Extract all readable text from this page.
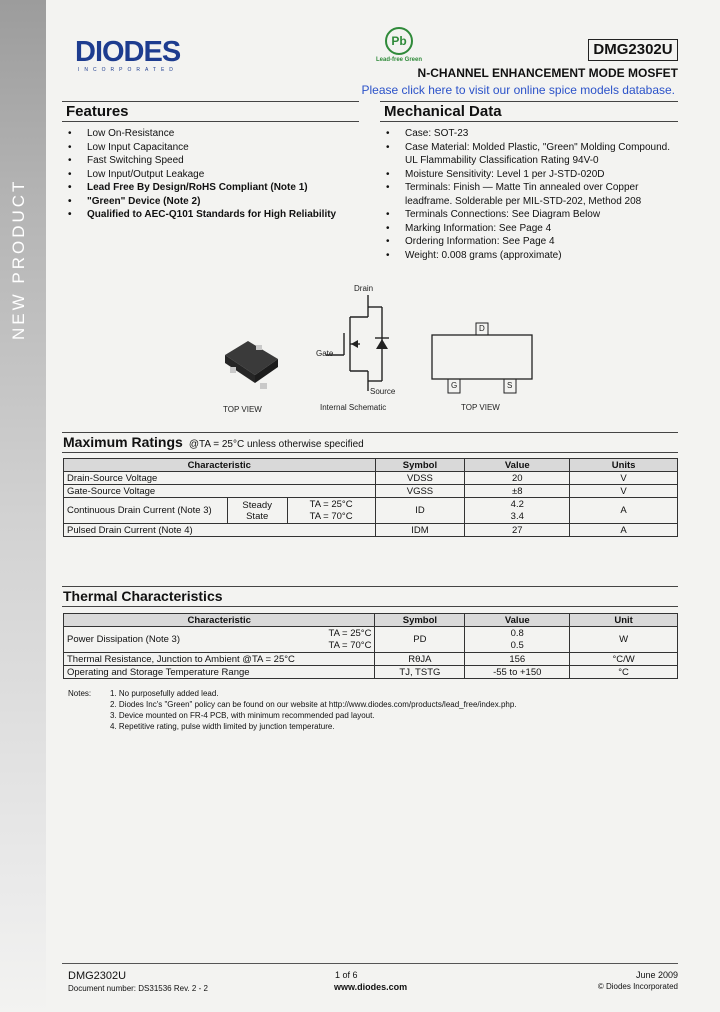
NEW PRODUCT
DIODES
INCORPORATED
Pb
Lead-free Green
DMG2302U
N-CHANNEL ENHANCEMENT MODE MOSFET
Please click here to visit our online spice models database.
Features	Mechanical Data
• Low On-Resistance
• Low Input Capacitance
• Fast Switching Speed
• Low Input/Output Leakage
• Lead Free By Design/RoHS Compliant (Note 1)
• "Green" Device (Note 2)
• Qualified to AEC-Q101 Standards for High Reliability
• Case: SOT-23
• Case Material: Molded Plastic, "Green" Molding Compound. UL Flammability Classification Rating 94V-0
• Moisture Sensitivity: Level 1 per J-STD-020D
• Terminals: Finish — Matte Tin annealed over Copper leadframe. Solderable per MIL-STD-202, Method 208
• Terminals Connections: See Diagram Below
• Marking Information: See Page 4
• Ordering Information: See Page 4
• Weight: 0.008 grams (approximate)
TOP VIEW	Internal Schematic	TOP VIEW
Drain
Gate
Source
D
G	S
Maximum Ratings @TA = 25°C unless otherwise specified
Characteristic			Symbol	Value	Units
Drain-Source Voltage			VDSS	20	V
Gate-Source Voltage			VGSS	±8	V
Continuous Drain Current (Note 3)	Steady State	TA = 25°C	ID	4.2	A
		TA = 70°C		3.4	
Pulsed Drain Current (Note 4)			IDM	27	A
Thermal Characteristics
Characteristic		Symbol	Value	Unit
Power Dissipation (Note 3)	TA = 25°C	PD	0.8	W
	TA = 70°C		0.5	
Thermal Resistance, Junction to Ambient @TA = 25°C		RθJA	156	°C/W
Operating and Storage Temperature Range		TJ, TSTG	-55 to +150	°C
Notes: 1. No purposefully added lead.
2. Diodes Inc's "Green" policy can be found on our website at http://www.diodes.com/products/lead_free/index.php.
3. Device mounted on FR-4 PCB, with minimum recommended pad layout.
4. Repetitive rating, pulse width limited by junction temperature.
DMG2302U
Document number: DS31536 Rev. 2 - 2
1 of 6
www.diodes.com
June 2009
© Diodes Incorporated
